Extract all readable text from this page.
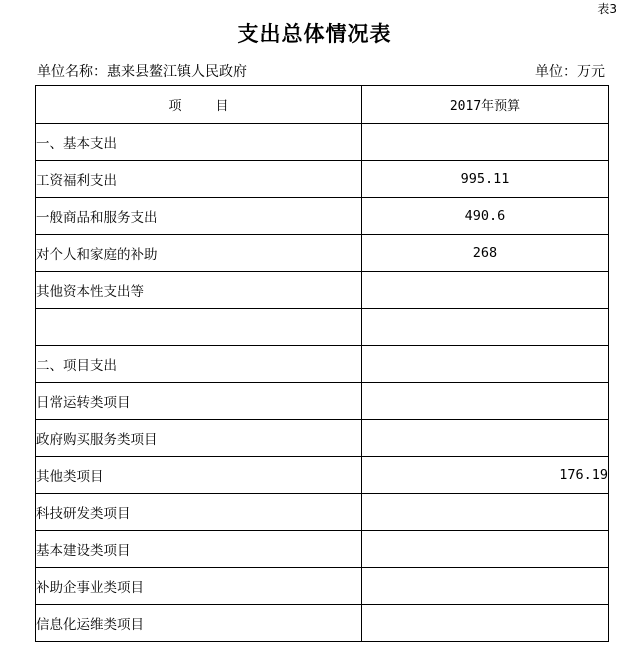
表3
支出总体情况表
单位名称：惠来县鳌江镇人民政府	单位：万元
项 目	2017年预算
一、基本支出	
工资福利支出	995.11
一般商品和服务支出	490.6
对个人和家庭的补助	268
其他资本性支出等	

二、项目支出	
日常运转类项目	
政府购买服务类项目	
其他类项目	176.19
科技研发类项目	
基本建设类项目	
补助企事业类项目	
信息化运维类项目	
